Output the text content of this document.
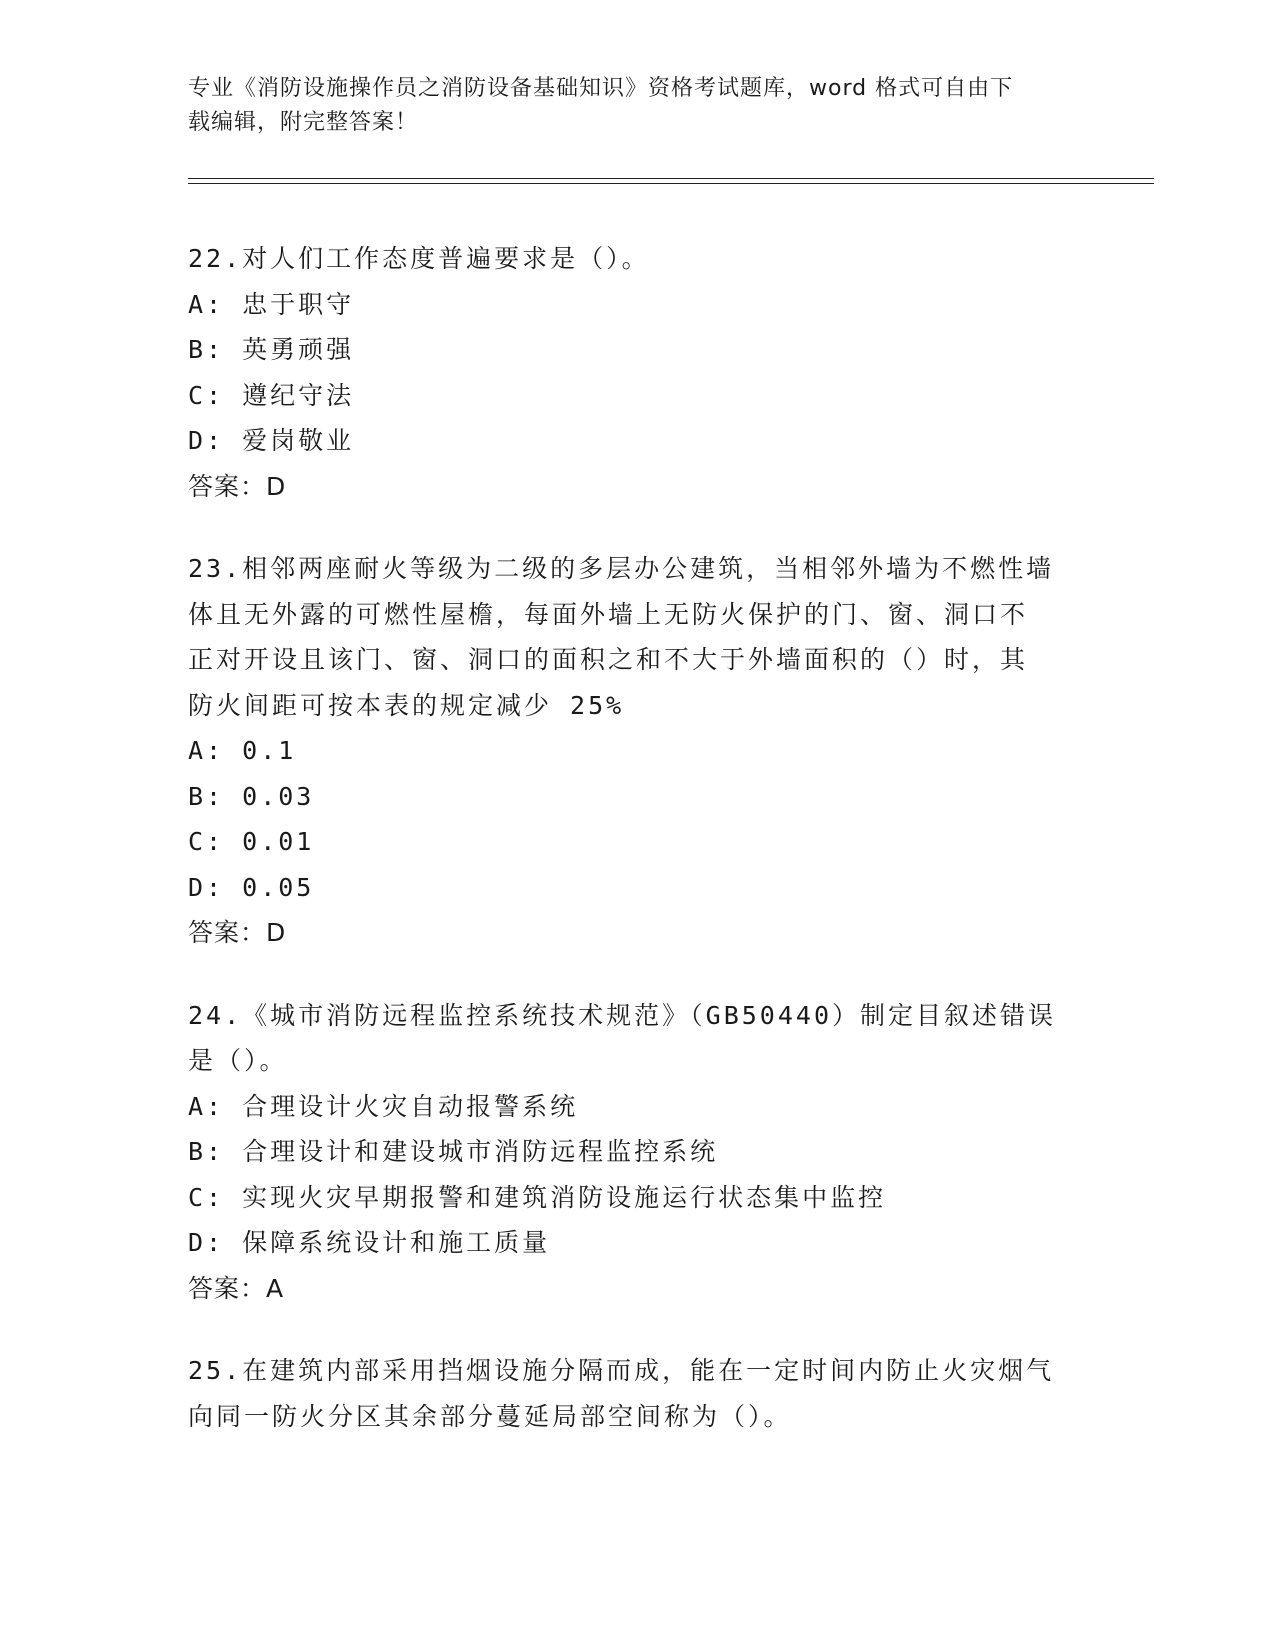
专业《消防设施操作员之消防设备基础知识》资格考试题库，word 格式可自由下
载编辑，附完整答案！
22.对人们工作态度普遍要求是（）。
A: 忠于职守
B: 英勇顽强
C: 遵纪守法
D: 爱岗敬业
答案：D
23.相邻两座耐火等级为二级的多层办公建筑，当相邻外墙为不燃性墙
体且无外露的可燃性屋檐，每面外墙上无防火保护的门、窗、洞口不
正对开设且该门、窗、洞口的面积之和不大于外墙面积的（）时，其
防火间距可按本表的规定减少 25%
A: 0.1
B: 0.03
C: 0.01
D: 0.05
答案：D
24.《城市消防远程监控系统技术规范》（GB50440）制定目叙述错误
是（）。
A: 合理设计火灾自动报警系统
B: 合理设计和建设城市消防远程监控系统
C: 实现火灾早期报警和建筑消防设施运行状态集中监控
D: 保障系统设计和施工质量
答案：A
25.在建筑内部采用挡烟设施分隔而成，能在一定时间内防止火灾烟气
向同一防火分区其余部分蔓延局部空间称为（）。
